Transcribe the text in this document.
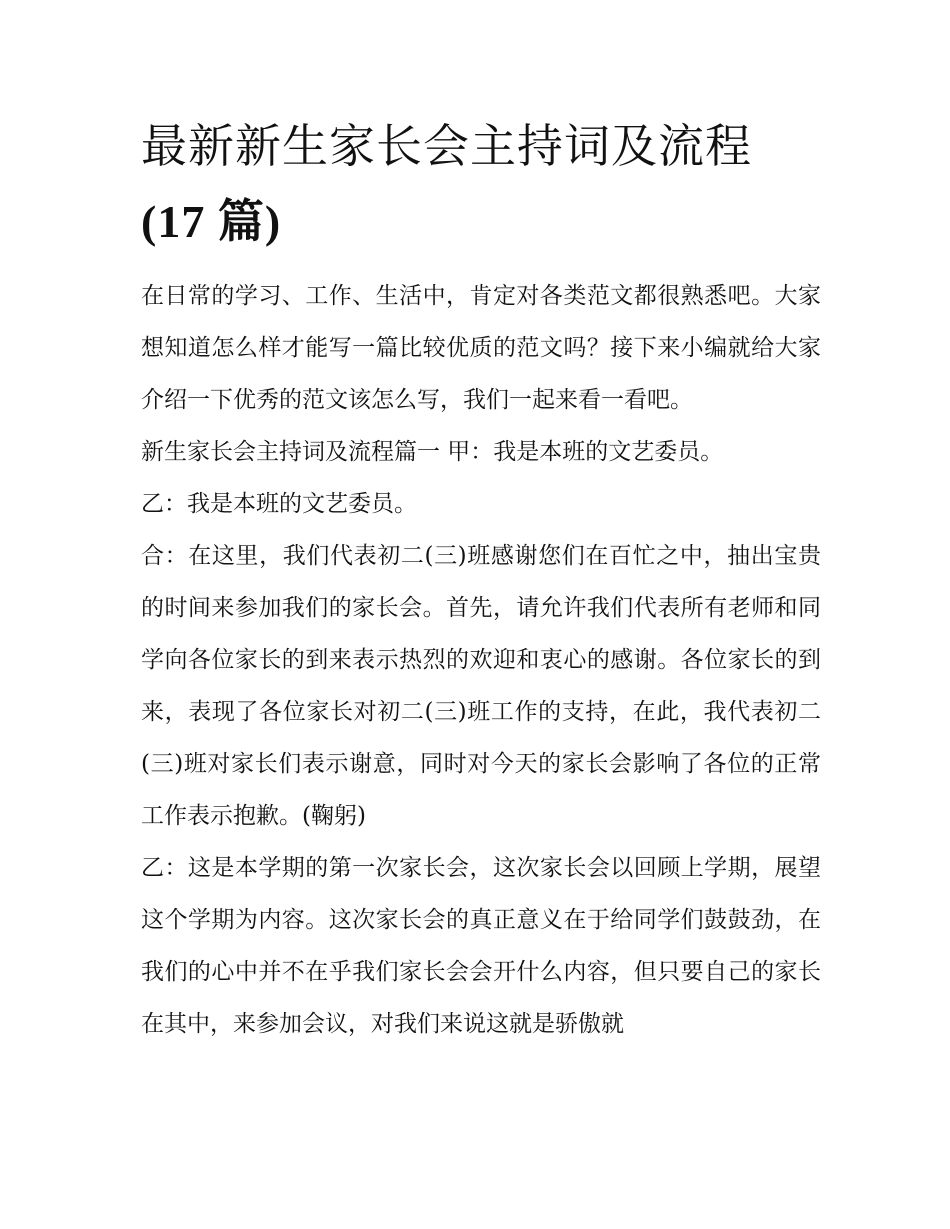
最新新生家长会主持词及流程
(17 篇)

在日常的学习、工作、生活中，肯定对各类范文都很熟悉吧。大家想知道怎么样才能写一篇比较优质的范文吗？接下来小编就给大家介绍一下优秀的范文该怎么写，我们一起来看一看吧。

新生家长会主持词及流程篇一 甲：我是本班的文艺委员。

乙：我是本班的文艺委员。

合：在这里，我们代表初二(三)班感谢您们在百忙之中，抽出宝贵的时间来参加我们的家长会。首先，请允许我们代表所有老师和同学向各位家长的到来表示热烈的欢迎和衷心的感谢。各位家长的到来，表现了各位家长对初二(三)班工作的支持，在此，我代表初二(三)班对家长们表示谢意，同时对今天的家长会影响了各位的正常工作表示抱歉。(鞠躬)

乙：这是本学期的第一次家长会，这次家长会以回顾上学期，展望这个学期为内容。这次家长会的真正意义在于给同学们鼓鼓劲，在我们的心中并不在乎我们家长会会开什么内容，但只要自己的家长在其中，来参加会议，对我们来说这就是骄傲就
